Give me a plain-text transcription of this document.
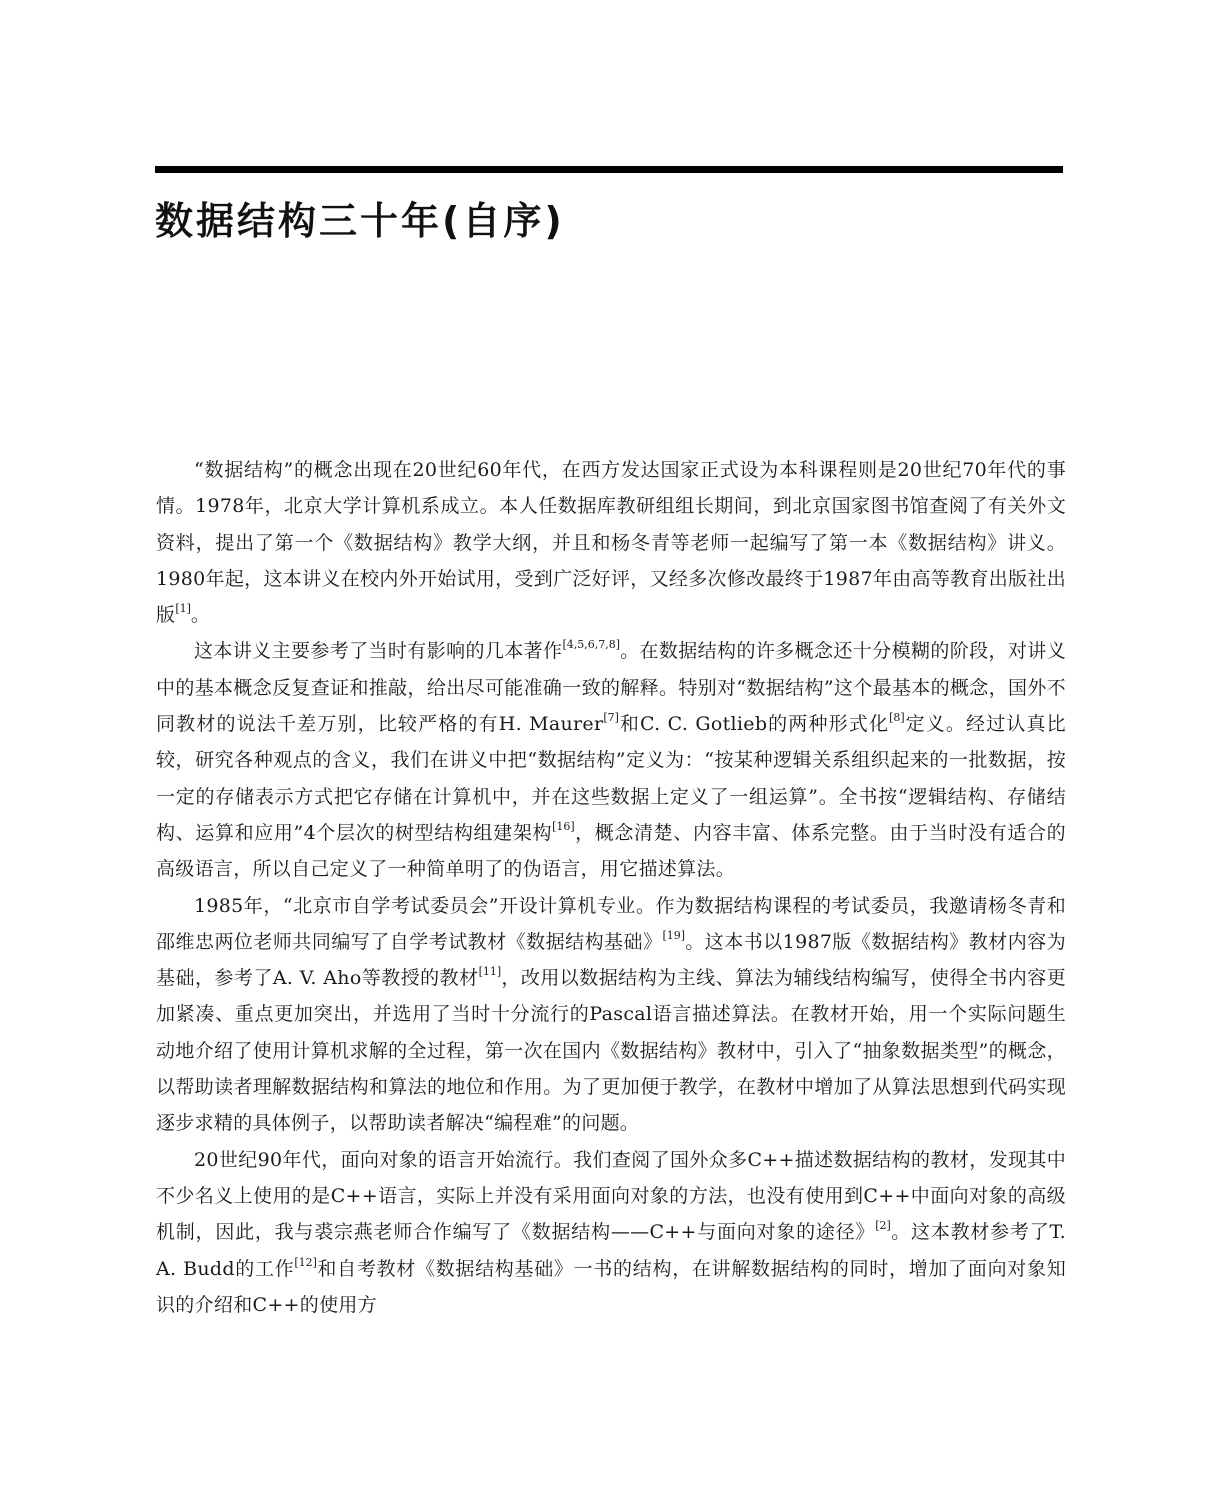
数据结构三十年(自序)

“数据结构”的概念出现在20世纪60年代，在西方发达国家正式设为本科课程则是20世纪70年代的事情。1978年，北京大学计算机系成立。本人任数据库教研组组长期间，到北京国家图书馆查阅了有关外文资料，提出了第一个《数据结构》教学大纲，并且和杨冬青等老师一起编写了第一本《数据结构》讲义。1980年起，这本讲义在校内外开始试用，受到广泛好评，又经多次修改最终于1987年由高等教育出版社出版[1]。

这本讲义主要参考了当时有影响的几本著作[4,5,6,7,8]。在数据结构的许多概念还十分模糊的阶段，对讲义中的基本概念反复查证和推敲，给出尽可能准确一致的解释。特别对“数据结构”这个最基本的概念，国外不同教材的说法千差万别，比较严格的有H. Maurer[7]和C. C. Gotlieb的两种形式化[8]定义。经过认真比较，研究各种观点的含义，我们在讲义中把“数据结构”定义为：“按某种逻辑关系组织起来的一批数据，按一定的存储表示方式把它存储在计算机中，并在这些数据上定义了一组运算”。全书按“逻辑结构、存储结构、运算和应用”4个层次的树型结构组建架构[16]，概念清楚、内容丰富、体系完整。由于当时没有适合的高级语言，所以自己定义了一种简单明了的伪语言，用它描述算法。

1985年，“北京市自学考试委员会”开设计算机专业。作为数据结构课程的考试委员，我邀请杨冬青和邵维忠两位老师共同编写了自学考试教材《数据结构基础》[19]。这本书以1987版《数据结构》教材内容为基础，参考了A. V. Aho等教授的教材[11]，改用以数据结构为主线、算法为辅线结构编写，使得全书内容更加紧凑、重点更加突出，并选用了当时十分流行的Pascal语言描述算法。在教材开始，用一个实际问题生动地介绍了使用计算机求解的全过程，第一次在国内《数据结构》教材中，引入了“抽象数据类型”的概念，以帮助读者理解数据结构和算法的地位和作用。为了更加便于教学，在教材中增加了从算法思想到代码实现逐步求精的具体例子，以帮助读者解决“编程难”的问题。

20世纪90年代，面向对象的语言开始流行。我们查阅了国外众多C++描述数据结构的教材，发现其中不少名义上使用的是C++语言，实际上并没有采用面向对象的方法，也没有使用到C++中面向对象的高级机制，因此，我与裘宗燕老师合作编写了《数据结构——C++与面向对象的途径》[2]。这本教材参考了T. A. Budd的工作[12]和自考教材《数据结构基础》一书的结构，在讲解数据结构的同时，增加了面向对象知识的介绍和C++的使用方
